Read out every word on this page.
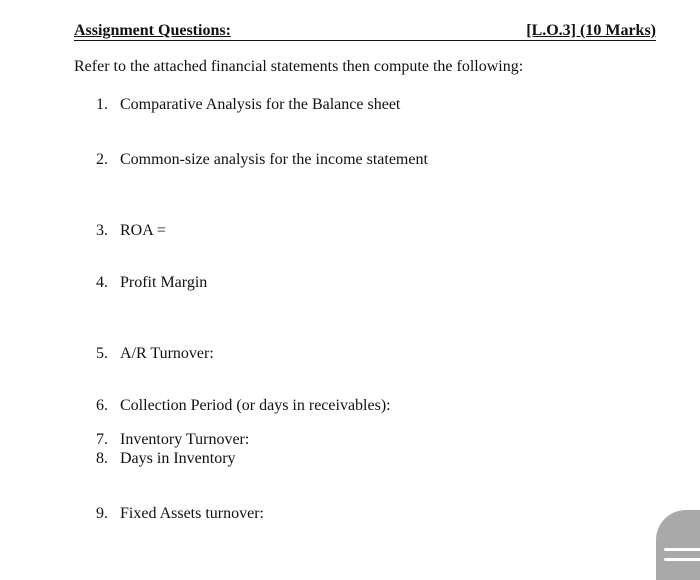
Assignment Questions:	[L.O.3] (10 Marks)
Refer to the attached financial statements then compute the following:
1. Comparative Analysis for the Balance sheet
2. Common-size analysis for the income statement
3. ROA =
4. Profit Margin
5. A/R Turnover:
6. Collection Period (or days in receivables):
7. Inventory Turnover:
8. Days in Inventory
9. Fixed Assets turnover:
